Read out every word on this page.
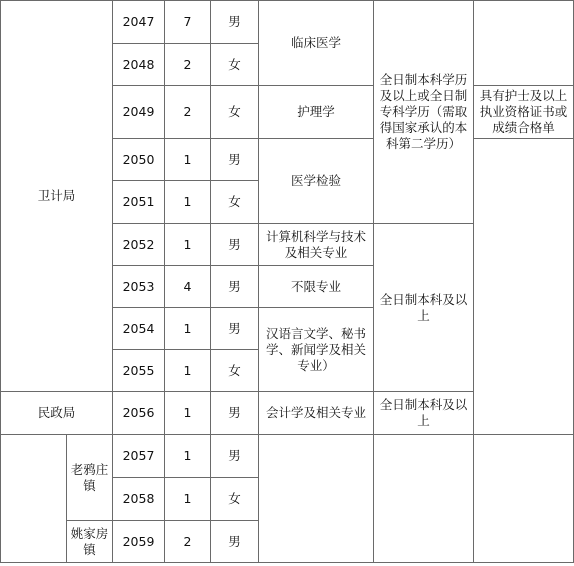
卫计局		2047	7	男	临床医学	全日制本科学历及以上或全日制专科学历（需取得国家承认的本科第二学历）		
		2048	2	女				
		2049	2	女	护理学		具有护士及以上执业资格证书或成绩合格单	
		2050	1	男	医学检验			
		2051	1	女				
		2052	1	男	计算机科学与技术及相关专业	全日制本科及以上		
		2053	4	男	不限专业			
		2054	1	男	汉语言文学、秘书学、新闻学及相关专业）			
		2055	1	女				
民政局		2056	1	男	会计学及相关专业	全日制本科及以上		
	老鸦庄镇	2057	1	男				
		2058	1	女				
	姚家房镇	2059	2	男				
